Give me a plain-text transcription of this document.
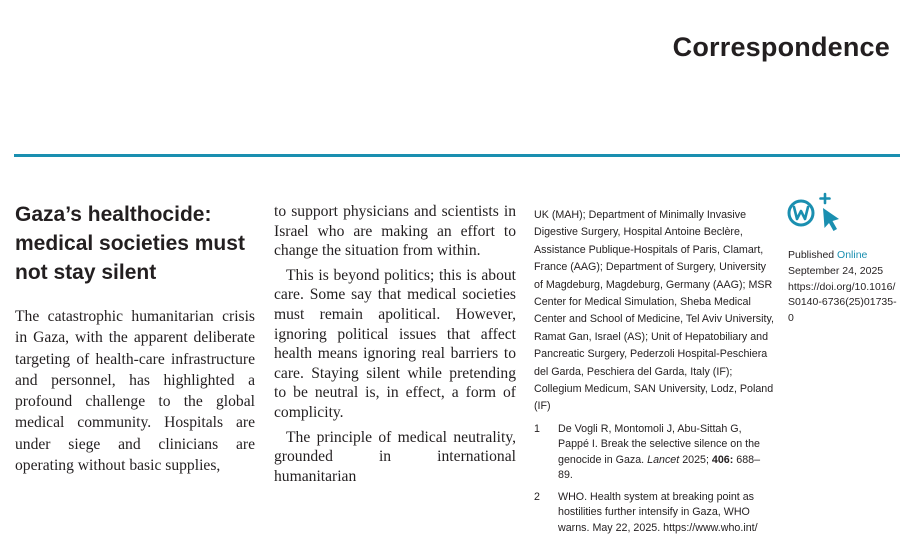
Correspondence
Gaza’s healthocide:
medical societies must
not stay silent

The catastrophic humanitarian crisis in Gaza, with the apparent deliberate targeting of health-care infrastructure and personnel, has highlighted a profound challenge to the global medical community. Hospitals are under siege and clinicians are operating without basic supplies,

to support physicians and scientists in Israel who are making an effort to change the situation from within.

This is beyond politics; this is about care. Some say that medical societies must remain apolitical. However, ignoring political issues that affect health means ignoring real barriers to care. Staying silent while pretending to be neutral is, in effect, a form of complicity.

The principle of medical neutrality, grounded in international humanitarian

UK (MAH); Department of Minimally Invasive Digestive Surgery, Hospital Antoine Beclère, Assistance Publique-Hospitals of Paris, Clamart, France (AAG); Department of Surgery, University of Magdeburg, Magdeburg, Germany (AAG); MSR Center for Medical Simulation, Sheba Medical Center and School of Medicine, Tel Aviv University, Ramat Gan, Israel (AS); Unit of Hepatobiliary and Pancreatic Surgery, Pederzoli Hospital-Peschiera del Garda, Peschiera del Garda, Italy (IF); Collegium Medicum, SAN University, Lodz, Poland (IF)

1 De Vogli R, Montomoli J, Abu-Sittah G, Pappé I. Break the selective silence on the genocide in Gaza. Lancet 2025; 406: 688–89.
2 WHO. Health system at breaking point as hostilities further intensify in Gaza, WHO warns. May 22, 2025. https://www.who.int/
Published Online
September 24, 2025
https://doi.org/10.1016/
S0140-6736(25)01735-0
